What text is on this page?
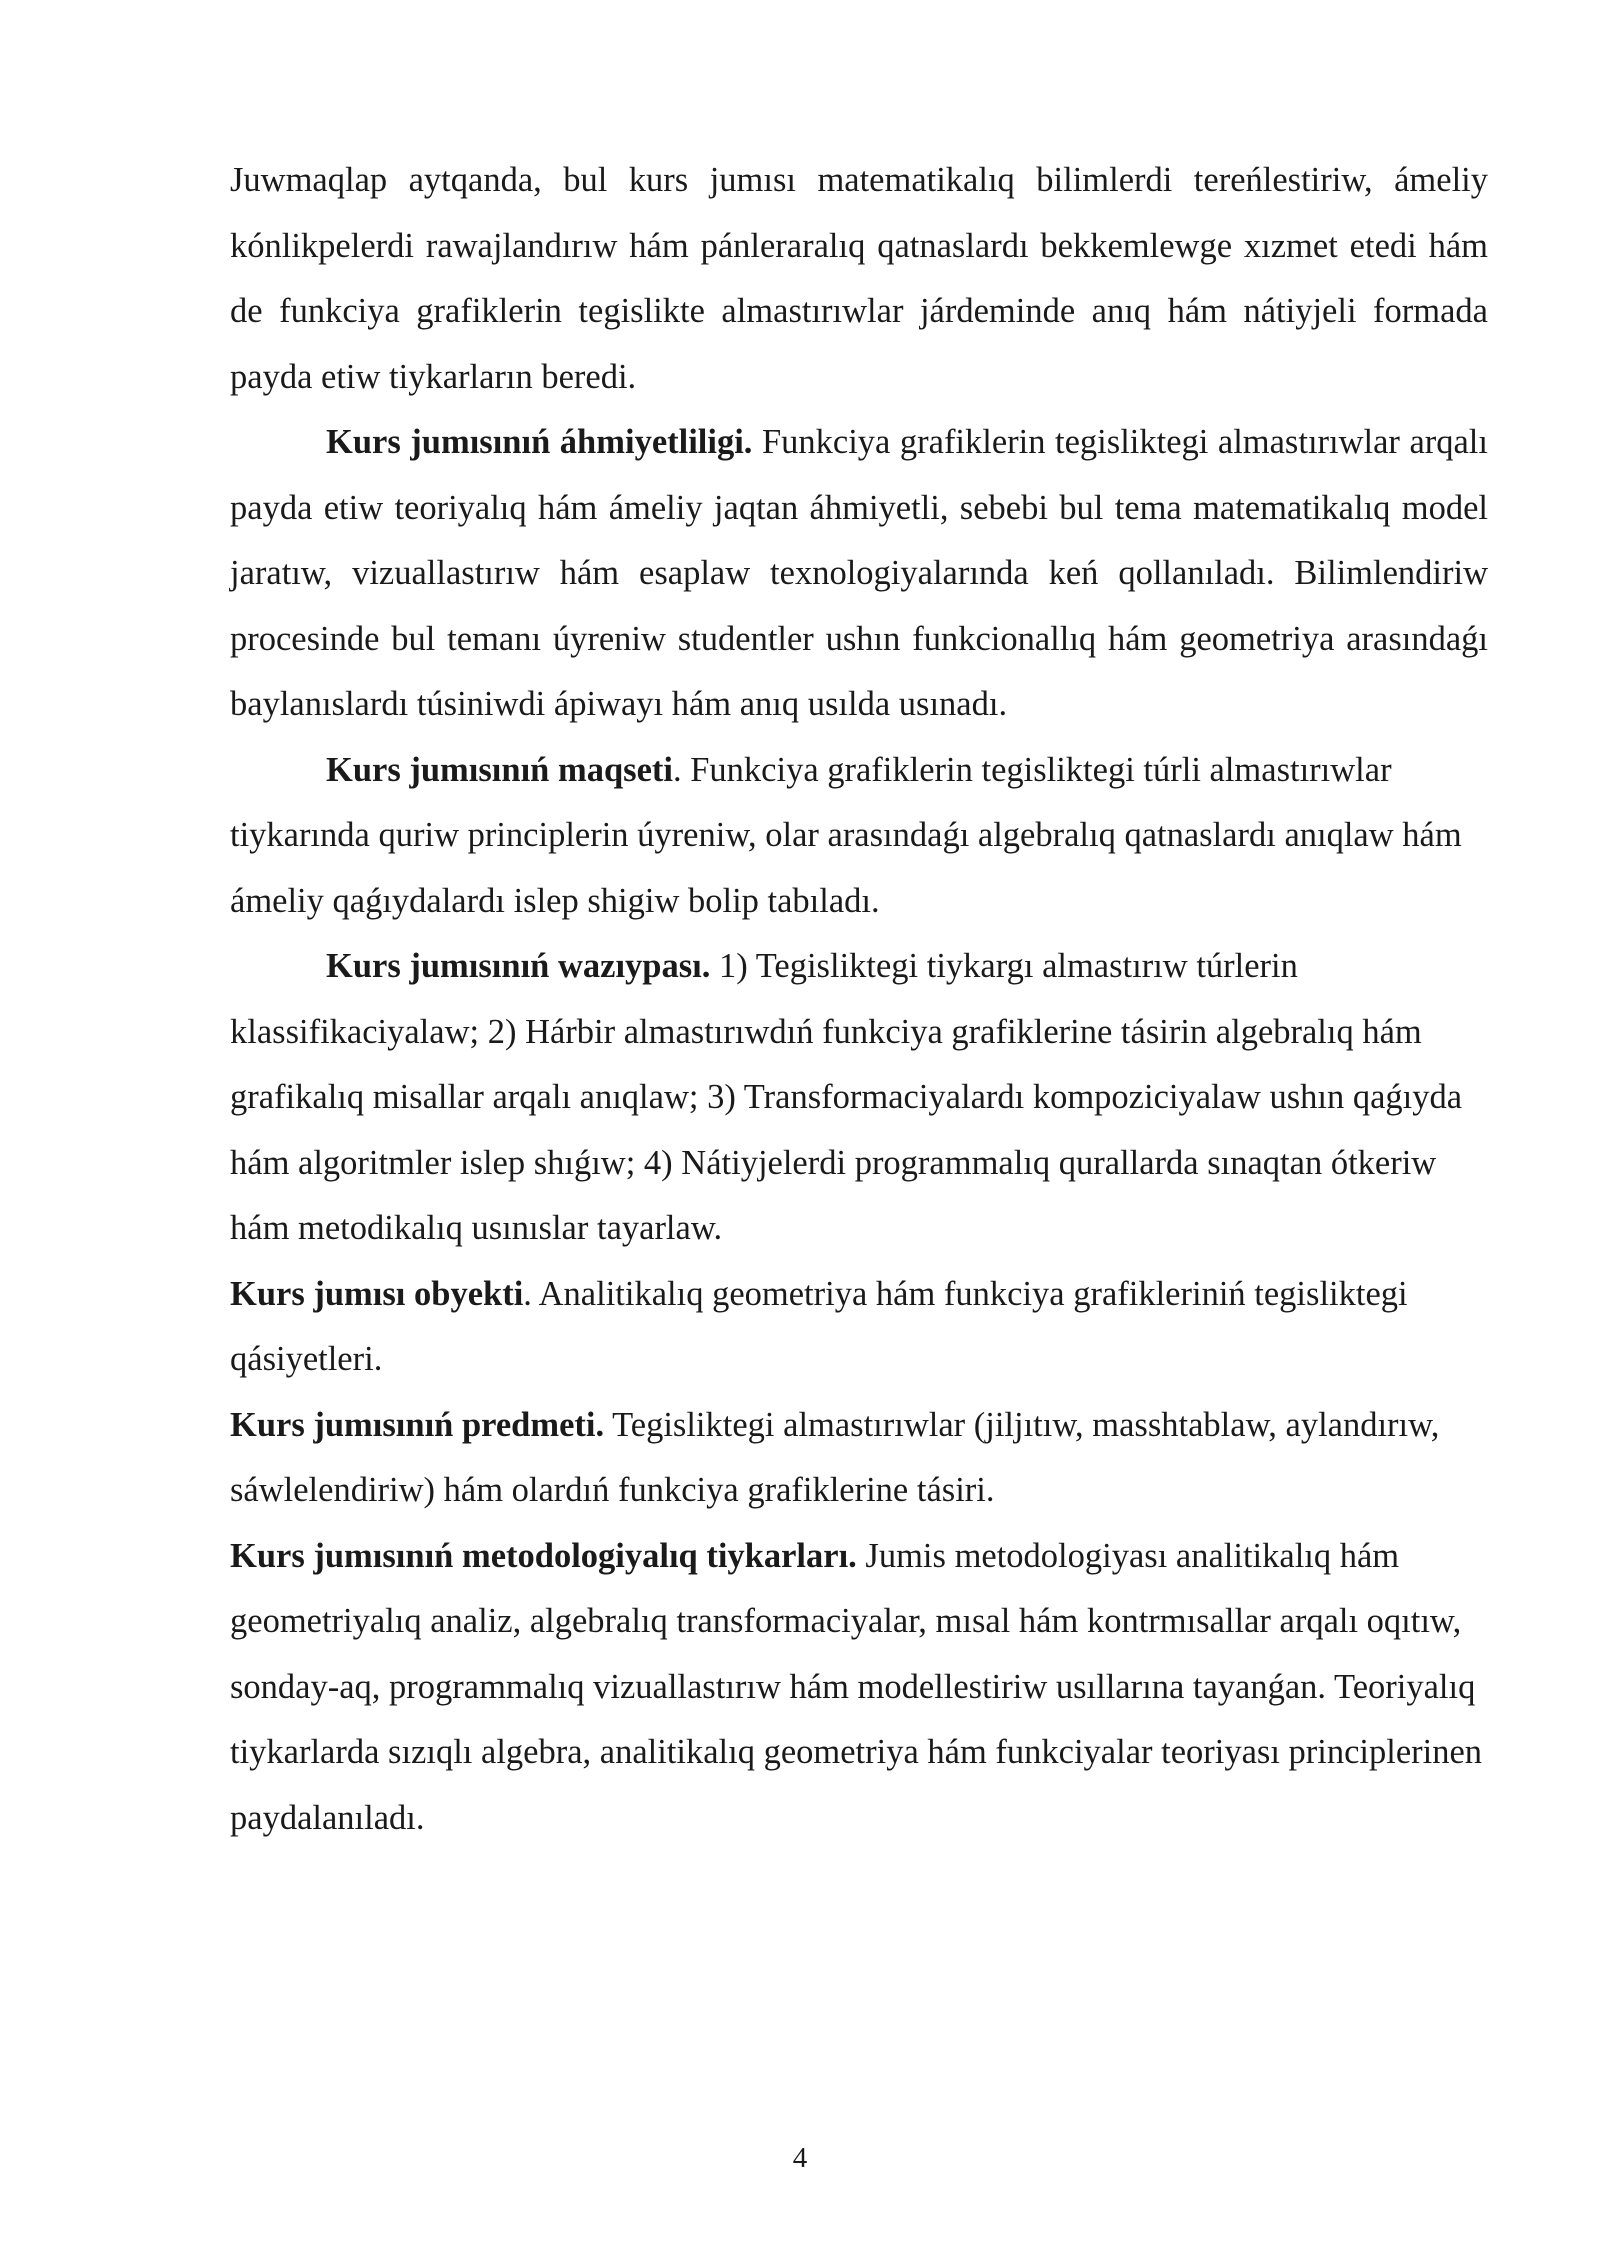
Juwmaqlap aytqanda, bul kurs jumısı matematikalıq bilimlerdi tereńlestiriw, ámeliy kónlikpelerdi rawajlandırıw hám pánleraralıq qatnaslardı bekkemlewge xızmet etedi hám de funkciya grafiklerin tegislikte almastırıwlar járdeminde anıq hám nátiyjeli formada payda etiw tiykarların beredi.

Kurs jumısınıń áhmiyetliligi. Funkciya grafiklerin tegisliktegi almastırıwlar arqalı payda etiw teoriyalıq hám ámeliy jaqtan áhmiyetli, sebebi bul tema matematikalıq model jaratıw, vizuallastırıw hám esaplaw texnologiyalarında keń qollanıladı. Bilimlendiriw procesinde bul temanı úyreniw studentler ushın funkcionallıq hám geometriya arasındaǵı baylanıslardı túsiniwdi ápiwayı hám anıq usılda usınadı.

Kurs jumısınıń maqseti. Funkciya grafiklerin tegisliktegi túrli almastırıwlar tiykarında quriw principlerin úyreniw, olar arasındaǵı algebralıq qatnaslardı anıqlaw hám ámeliy qaǵıydalardı islep shigiw bolip tabıladı.

Kurs jumısınıń wazıypası. 1) Tegisliktegi tiykargı almastırıw túrlerin klassifikaciyalaw; 2) Hárbir almastırıwdıń funkciya grafiklerine tásirin algebralıq hám grafikalıq misallar arqalı anıqlaw; 3) Transformaciyalardı kompoziciyalaw ushın qaǵıyda hám algoritmler islep shıǵıw; 4) Nátiyjelerdi programmalıq qurallarda sınaqtan ótkeriw hám metodikalıq usınıslar tayarlaw.

Kurs jumısı obyekti. Analitikalıq geometriya hám funkciya grafikleriniń tegisliktegi qásiyetleri.

Kurs jumısınıń predmeti. Tegisliktegi almastırıwlar (jiljıtıw, masshtablaw, aylandırıw, sáwlelendiriw) hám olardıń funkciya grafiklerine tásiri.

Kurs jumısınıń metodologiyalıq tiykarları. Jumis metodologiyası analitikalıq hám geometriyalıq analiz, algebralıq transformaciyalar, mısal hám kontrmısallar arqalı oqıtıw, sonday-aq, programmalıq vizuallastırıw hám modellestiriw usıllarına tayanǵan. Teoriyalıq tiykarlarda sızıqlı algebra, analitikalıq geometriya hám funkciyalar teoriyası principlerinen paydalanıladı.

4
